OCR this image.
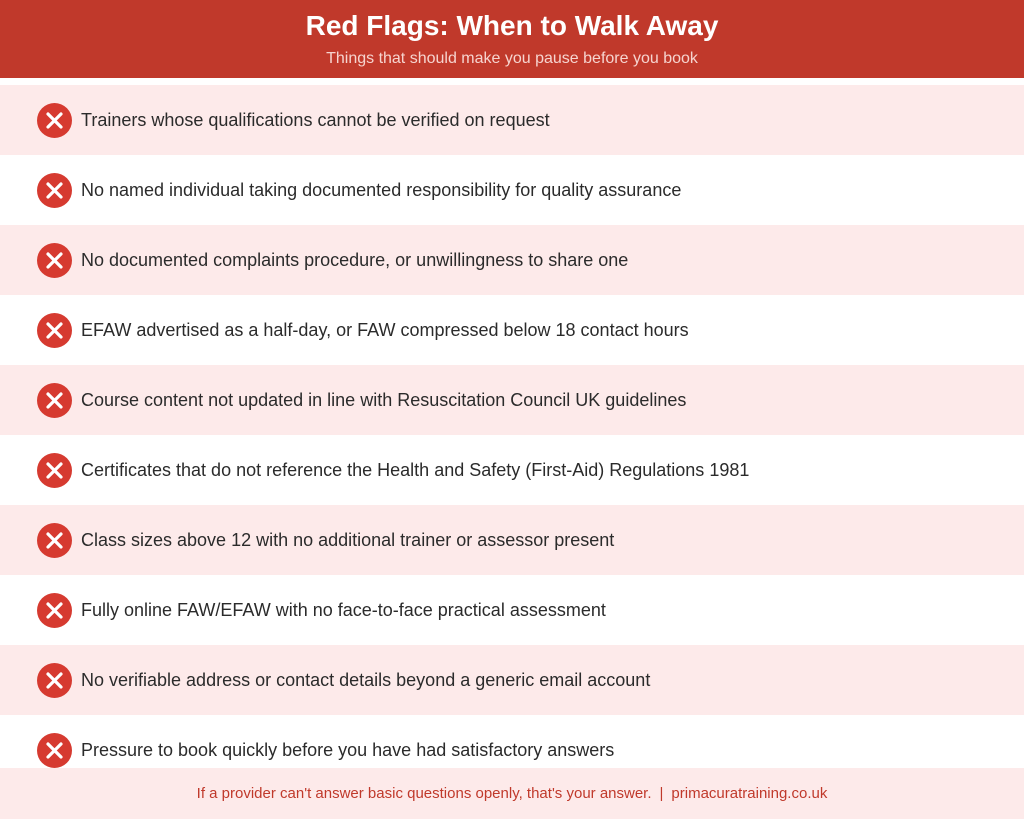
Red Flags: When to Walk Away
Things that should make you pause before you book
Trainers whose qualifications cannot be verified on request
No named individual taking documented responsibility for quality assurance
No documented complaints procedure, or unwillingness to share one
EFAW advertised as a half-day, or FAW compressed below 18 contact hours
Course content not updated in line with Resuscitation Council UK guidelines
Certificates that do not reference the Health and Safety (First-Aid) Regulations 1981
Class sizes above 12 with no additional trainer or assessor present
Fully online FAW/EFAW with no face-to-face practical assessment
No verifiable address or contact details beyond a generic email account
Pressure to book quickly before you have had satisfactory answers
If a provider can't answer basic questions openly, that's your answer. | primacuratraining.co.uk
